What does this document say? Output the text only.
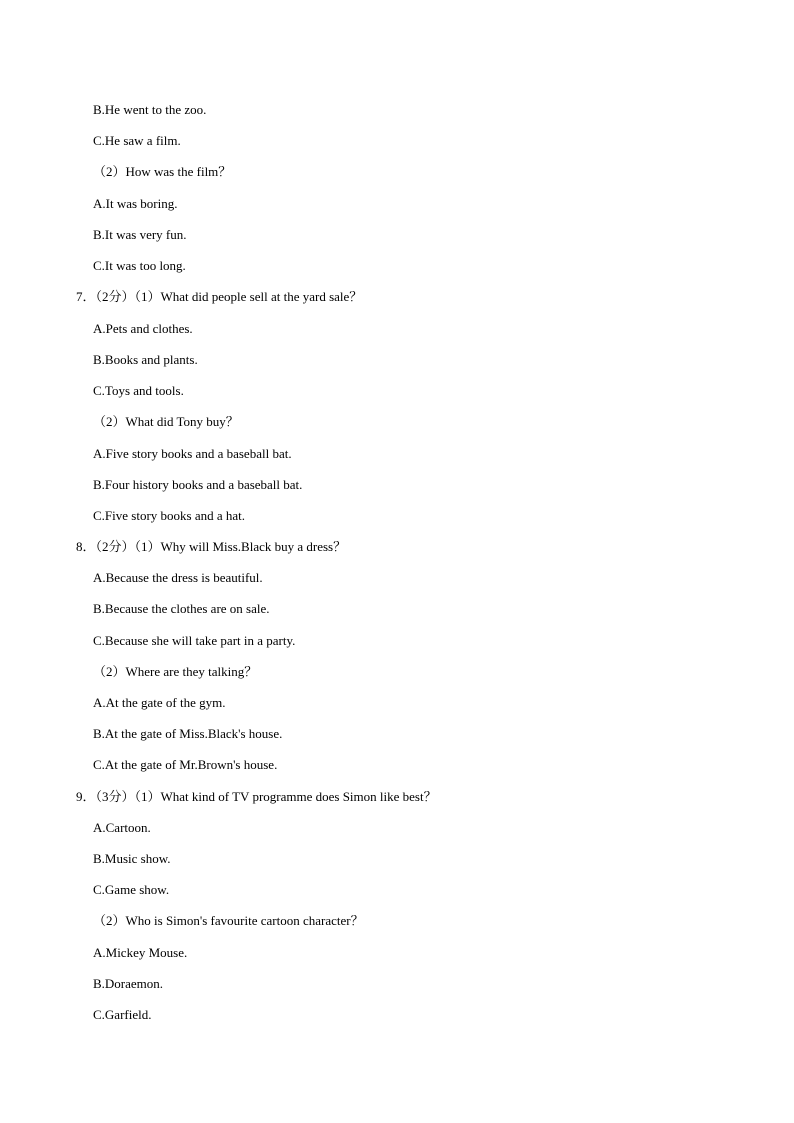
B.He went to the zoo.
C.He saw a film.
（2）How was the film？
A.It was boring.
B.It was very fun.
C.It was too long.
7．（2分）（1）What did people sell at the yard sale？
A.Pets and clothes.
B.Books and plants.
C.Toys and tools.
（2）What did Tony buy？
A.Five story books and a baseball bat.
B.Four history books and a baseball bat.
C.Five story books and a hat.
8．（2分）（1）Why will Miss.Black buy a dress？
A.Because the dress is beautiful.
B.Because the clothes are on sale.
C.Because she will take part in a party.
（2）Where are they talking？
A.At the gate of the gym.
B.At the gate of Miss.Black's house.
C.At the gate of Mr.Brown's house.
9．（3分）（1）What kind of TV programme does Simon like best？
A.Cartoon.
B.Music show.
C.Game show.
（2）Who is Simon's favourite cartoon character？
A.Mickey Mouse.
B.Doraemon.
C.Garfield.
